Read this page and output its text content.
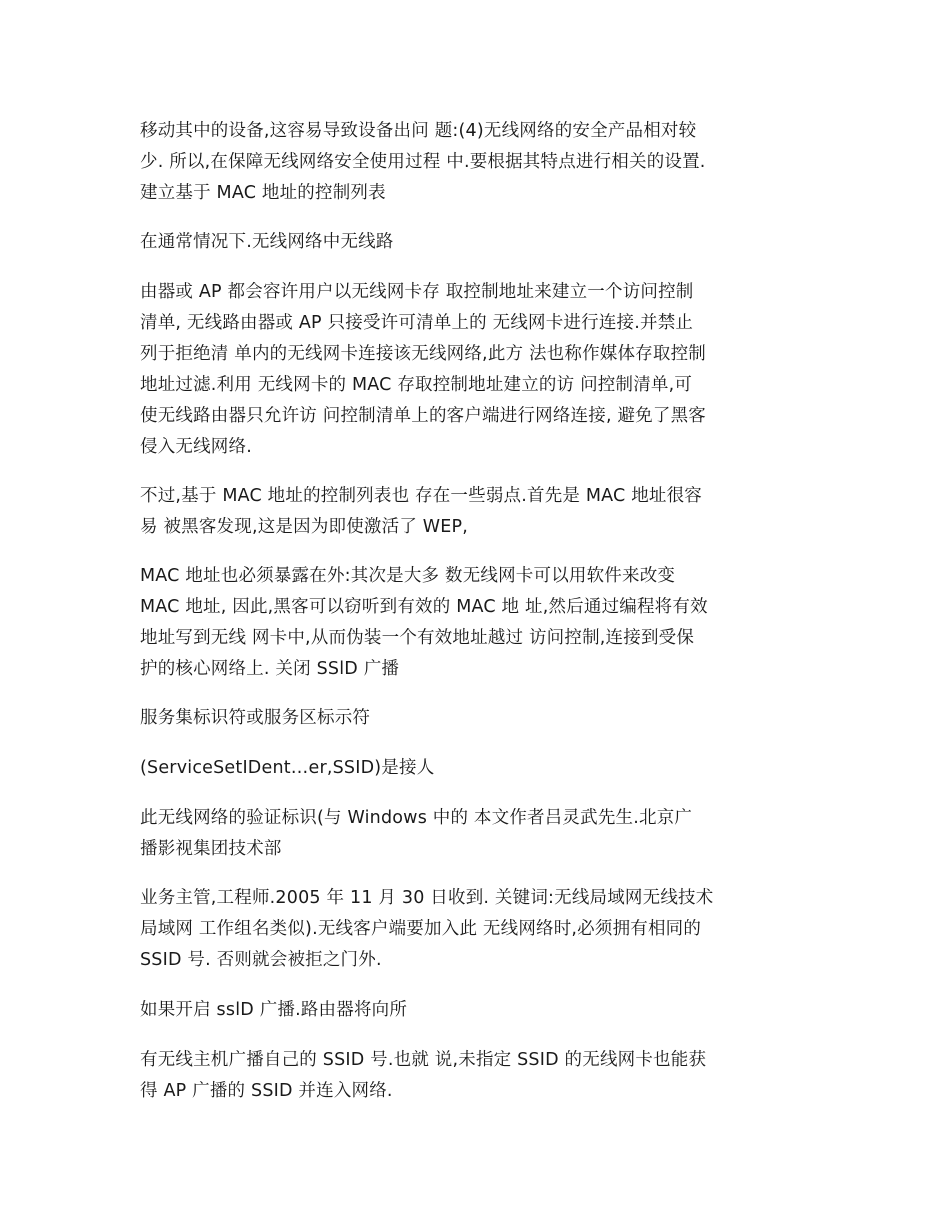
移动其中的设备,这容易导致设备出问 题:(4)无线网络的安全产品相对较
少. 所以,在保障无线网络安全使用过程 中.要根据其特点进行相关的设置.
建立基于 MAC 地址的控制列表

在通常情况下.无线网络中无线路

由器或 AP 都会容许用户以无线网卡存 取控制地址来建立一个访问控制
清单, 无线路由器或 AP 只接受许可清单上的 无线网卡进行连接.并禁止
列于拒绝清 单内的无线网卡连接该无线网络,此方 法也称作媒体存取控制
地址过滤.利用 无线网卡的 MAC 存取控制地址建立的访 问控制清单,可
使无线路由器只允许访 问控制清单上的客户端进行网络连接, 避免了黑客
侵入无线网络.

不过,基于 MAC 地址的控制列表也 存在一些弱点.首先是 MAC 地址很容
易 被黑客发现,这是因为即使激活了 WEP,

MAC 地址也必须暴露在外:其次是大多 数无线网卡可以用软件来改变
MAC 地址, 因此,黑客可以窃听到有效的 MAC 地 址,然后通过编程将有效
地址写到无线 网卡中,从而伪装一个有效地址越过 访问控制,连接到受保
护的核心网络上. 关闭 SSlD 广播

服务集标识符或服务区标示符

(ServiceSetIDent…er,SSID)是接人

此无线网络的验证标识(与 Windows 中的 本文作者吕灵武先生.北京广
播影视集团技术部

业务主管,工程师.2005 年 11 月 30 日收到. 关键词:无线局域网无线技术
局域网 工作组名类似).无线客户端要加入此 无线网络时,必须拥有相同的
SSID 号. 否则就会被拒之门外.

如果开启 sslD 广播.路由器将向所

有无线主机广播自己的 SSID 号.也就 说,未指定 SSID 的无线网卡也能获
得 AP 广播的 SSID 并连入网络.
